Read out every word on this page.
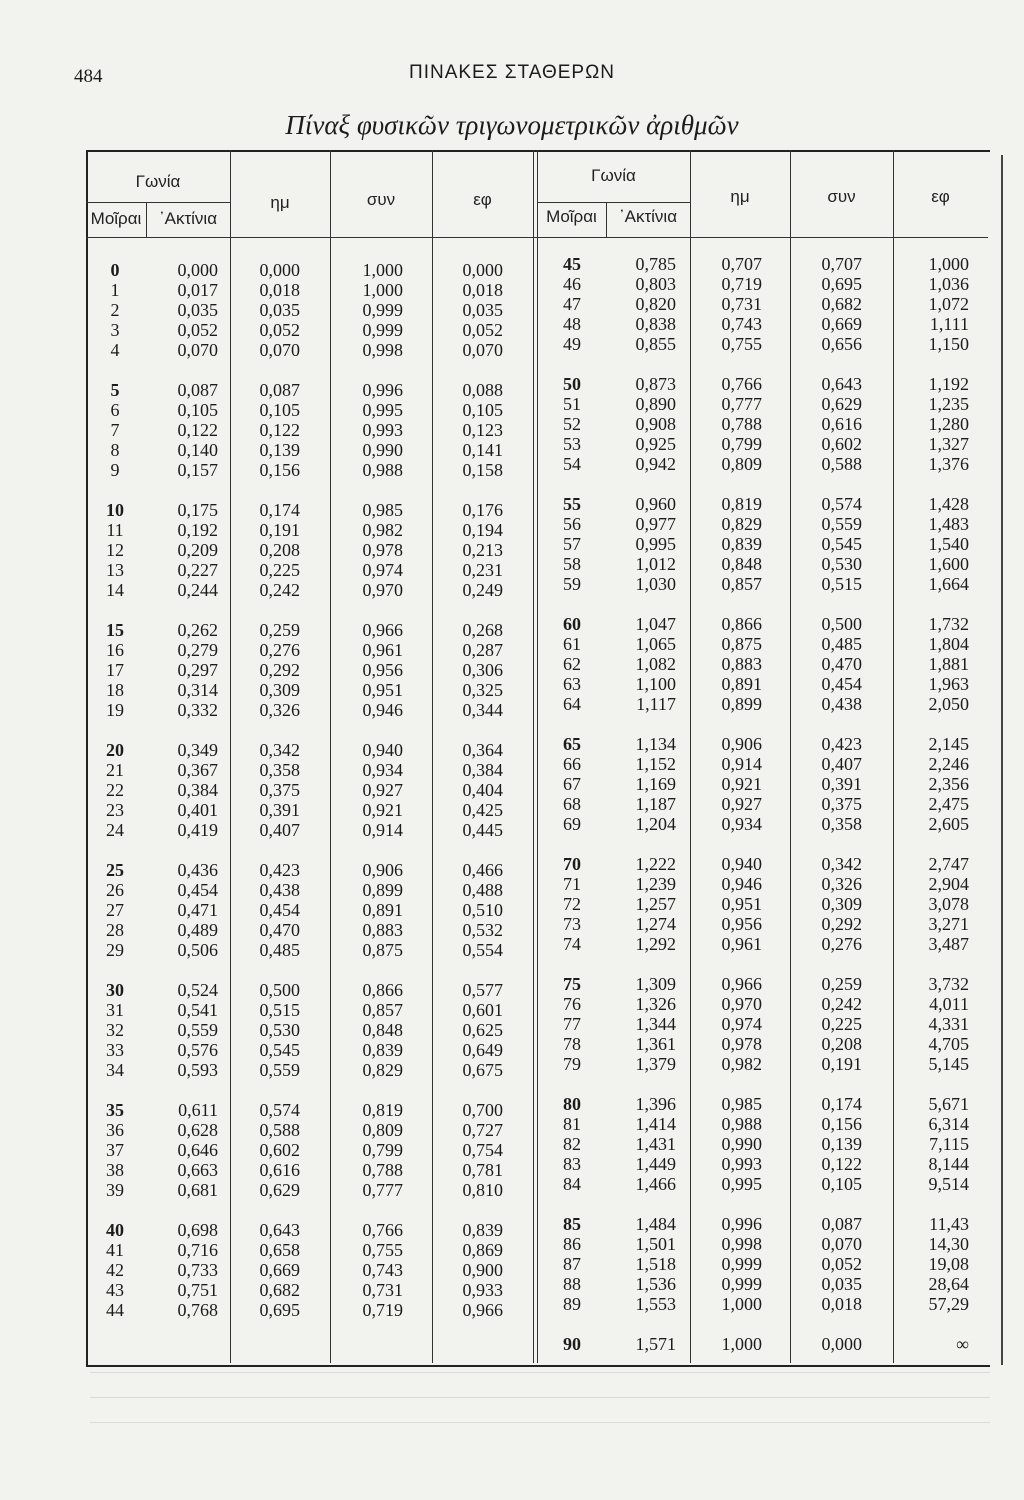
484	ΠΙΝΑΚΕΣ ΣΤΑΘΕΡΩΝ
Πίναξ φυσικῶν τριγωνομετρικῶν ἀριθμῶν
Γωνία
Μοῖραι	᾿Ακτίνια
ημ	συν	εφ
Γωνία
Μοῖραι	᾿Ακτίνια
ημ	συν	εφ
0	0,000	0,000	1,000	0,000
1	0,017	0,018	1,000	0,018
2	0,035	0,035	0,999	0,035
3	0,052	0,052	0,999	0,052
4	0,070	0,070	0,998	0,070
5	0,087	0,087	0,996	0,088
6	0,105	0,105	0,995	0,105
7	0,122	0,122	0,993	0,123
8	0,140	0,139	0,990	0,141
9	0,157	0,156	0,988	0,158
10	0,175	0,174	0,985	0,176
11	0,192	0,191	0,982	0,194
12	0,209	0,208	0,978	0,213
13	0,227	0,225	0,974	0,231
14	0,244	0,242	0,970	0,249
15	0,262	0,259	0,966	0,268
16	0,279	0,276	0,961	0,287
17	0,297	0,292	0,956	0,306
18	0,314	0,309	0,951	0,325
19	0,332	0,326	0,946	0,344
20	0,349	0,342	0,940	0,364
21	0,367	0,358	0,934	0,384
22	0,384	0,375	0,927	0,404
23	0,401	0,391	0,921	0,425
24	0,419	0,407	0,914	0,445
25	0,436	0,423	0,906	0,466
26	0,454	0,438	0,899	0,488
27	0,471	0,454	0,891	0,510
28	0,489	0,470	0,883	0,532
29	0,506	0,485	0,875	0,554
30	0,524	0,500	0,866	0,577
31	0,541	0,515	0,857	0,601
32	0,559	0,530	0,848	0,625
33	0,576	0,545	0,839	0,649
34	0,593	0,559	0,829	0,675
35	0,611	0,574	0,819	0,700
36	0,628	0,588	0,809	0,727
37	0,646	0,602	0,799	0,754
38	0,663	0,616	0,788	0,781
39	0,681	0,629	0,777	0,810
40	0,698	0,643	0,766	0,839
41	0,716	0,658	0,755	0,869
42	0,733	0,669	0,743	0,900
43	0,751	0,682	0,731	0,933
44	0,768	0,695	0,719	0,966
45	0,785	0,707	0,707	1,000
46	0,803	0,719	0,695	1,036
47	0,820	0,731	0,682	1,072
48	0,838	0,743	0,669	1,111
49	0,855	0,755	0,656	1,150
50	0,873	0,766	0,643	1,192
51	0,890	0,777	0,629	1,235
52	0,908	0,788	0,616	1,280
53	0,925	0,799	0,602	1,327
54	0,942	0,809	0,588	1,376
55	0,960	0,819	0,574	1,428
56	0,977	0,829	0,559	1,483
57	0,995	0,839	0,545	1,540
58	1,012	0,848	0,530	1,600
59	1,030	0,857	0,515	1,664
60	1,047	0,866	0,500	1,732
61	1,065	0,875	0,485	1,804
62	1,082	0,883	0,470	1,881
63	1,100	0,891	0,454	1,963
64	1,117	0,899	0,438	2,050
65	1,134	0,906	0,423	2,145
66	1,152	0,914	0,407	2,246
67	1,169	0,921	0,391	2,356
68	1,187	0,927	0,375	2,475
69	1,204	0,934	0,358	2,605
70	1,222	0,940	0,342	2,747
71	1,239	0,946	0,326	2,904
72	1,257	0,951	0,309	3,078
73	1,274	0,956	0,292	3,271
74	1,292	0,961	0,276	3,487
75	1,309	0,966	0,259	3,732
76	1,326	0,970	0,242	4,011
77	1,344	0,974	0,225	4,331
78	1,361	0,978	0,208	4,705
79	1,379	0,982	0,191	5,145
80	1,396	0,985	0,174	5,671
81	1,414	0,988	0,156	6,314
82	1,431	0,990	0,139	7,115
83	1,449	0,993	0,122	8,144
84	1,466	0,995	0,105	9,514
85	1,484	0,996	0,087	11,43
86	1,501	0,998	0,070	14,30
87	1,518	0,999	0,052	19,08
88	1,536	0,999	0,035	28,64
89	1,553	1,000	0,018	57,29
90	1,571	1,000	0,000	∞
